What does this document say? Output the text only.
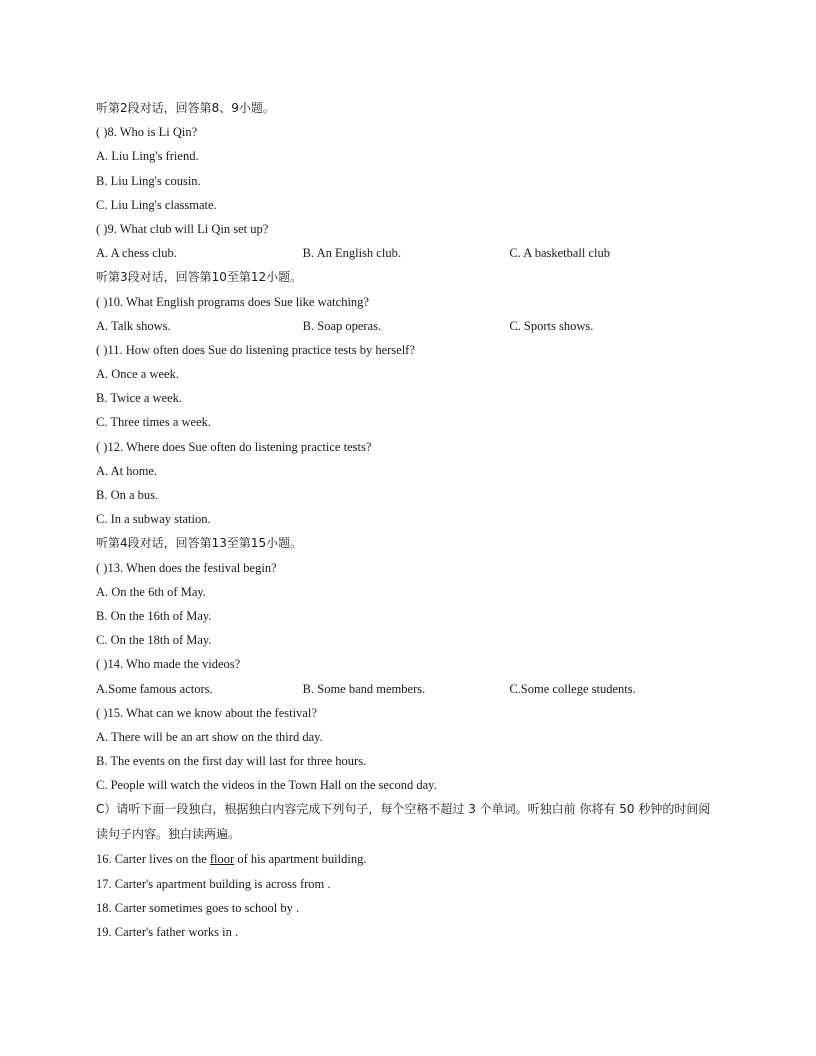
听第2段对话，回答第8、9小题。
( )8. Who is Li Qin?
A. Liu Ling's friend.
B. Liu Ling's cousin.
C. Liu Ling's classmate.
( )9. What club will Li Qin set up?
A. A chess club.	B. An English club.	C. A basketball club
听第3段对话，回答第10至第12小题。
( )10. What English programs does Sue like watching?
A. Talk shows.	B. Soap operas.	C. Sports shows.
( )11. How often does Sue do listening practice tests by herself?
A. Once a week.
B. Twice a week.
C. Three times a week.
( )12. Where does Sue often do listening practice tests?
A. At home.
B. On a bus.
C. In a subway station.
听第4段对话，回答第13至第15小题。
( )13. When does the festival begin?
A. On the 6th of May.
B. On the 16th of May.
C. On the 18th of May.
( )14. Who made the videos?
A.Some famous actors.	B. Some band members.	C.Some college students.
( )15. What can we know about the festival?
A. There will be an art show on the third day.
B. The events on the first day will last for three hours.
C. People will watch the videos in the Town Hall on the second day.
C）请听下面一段独白，根据独白内容完成下列句子，每个空格不超过 3 个单词。听独白前 你将有 50 秒钟的时间阅读句子内容。独白读两遍。
16. Carter lives on the floor of his apartment building.
17. Carter's apartment building is across from .
18. Carter sometimes goes to school by .
19. Carter's father works in .
